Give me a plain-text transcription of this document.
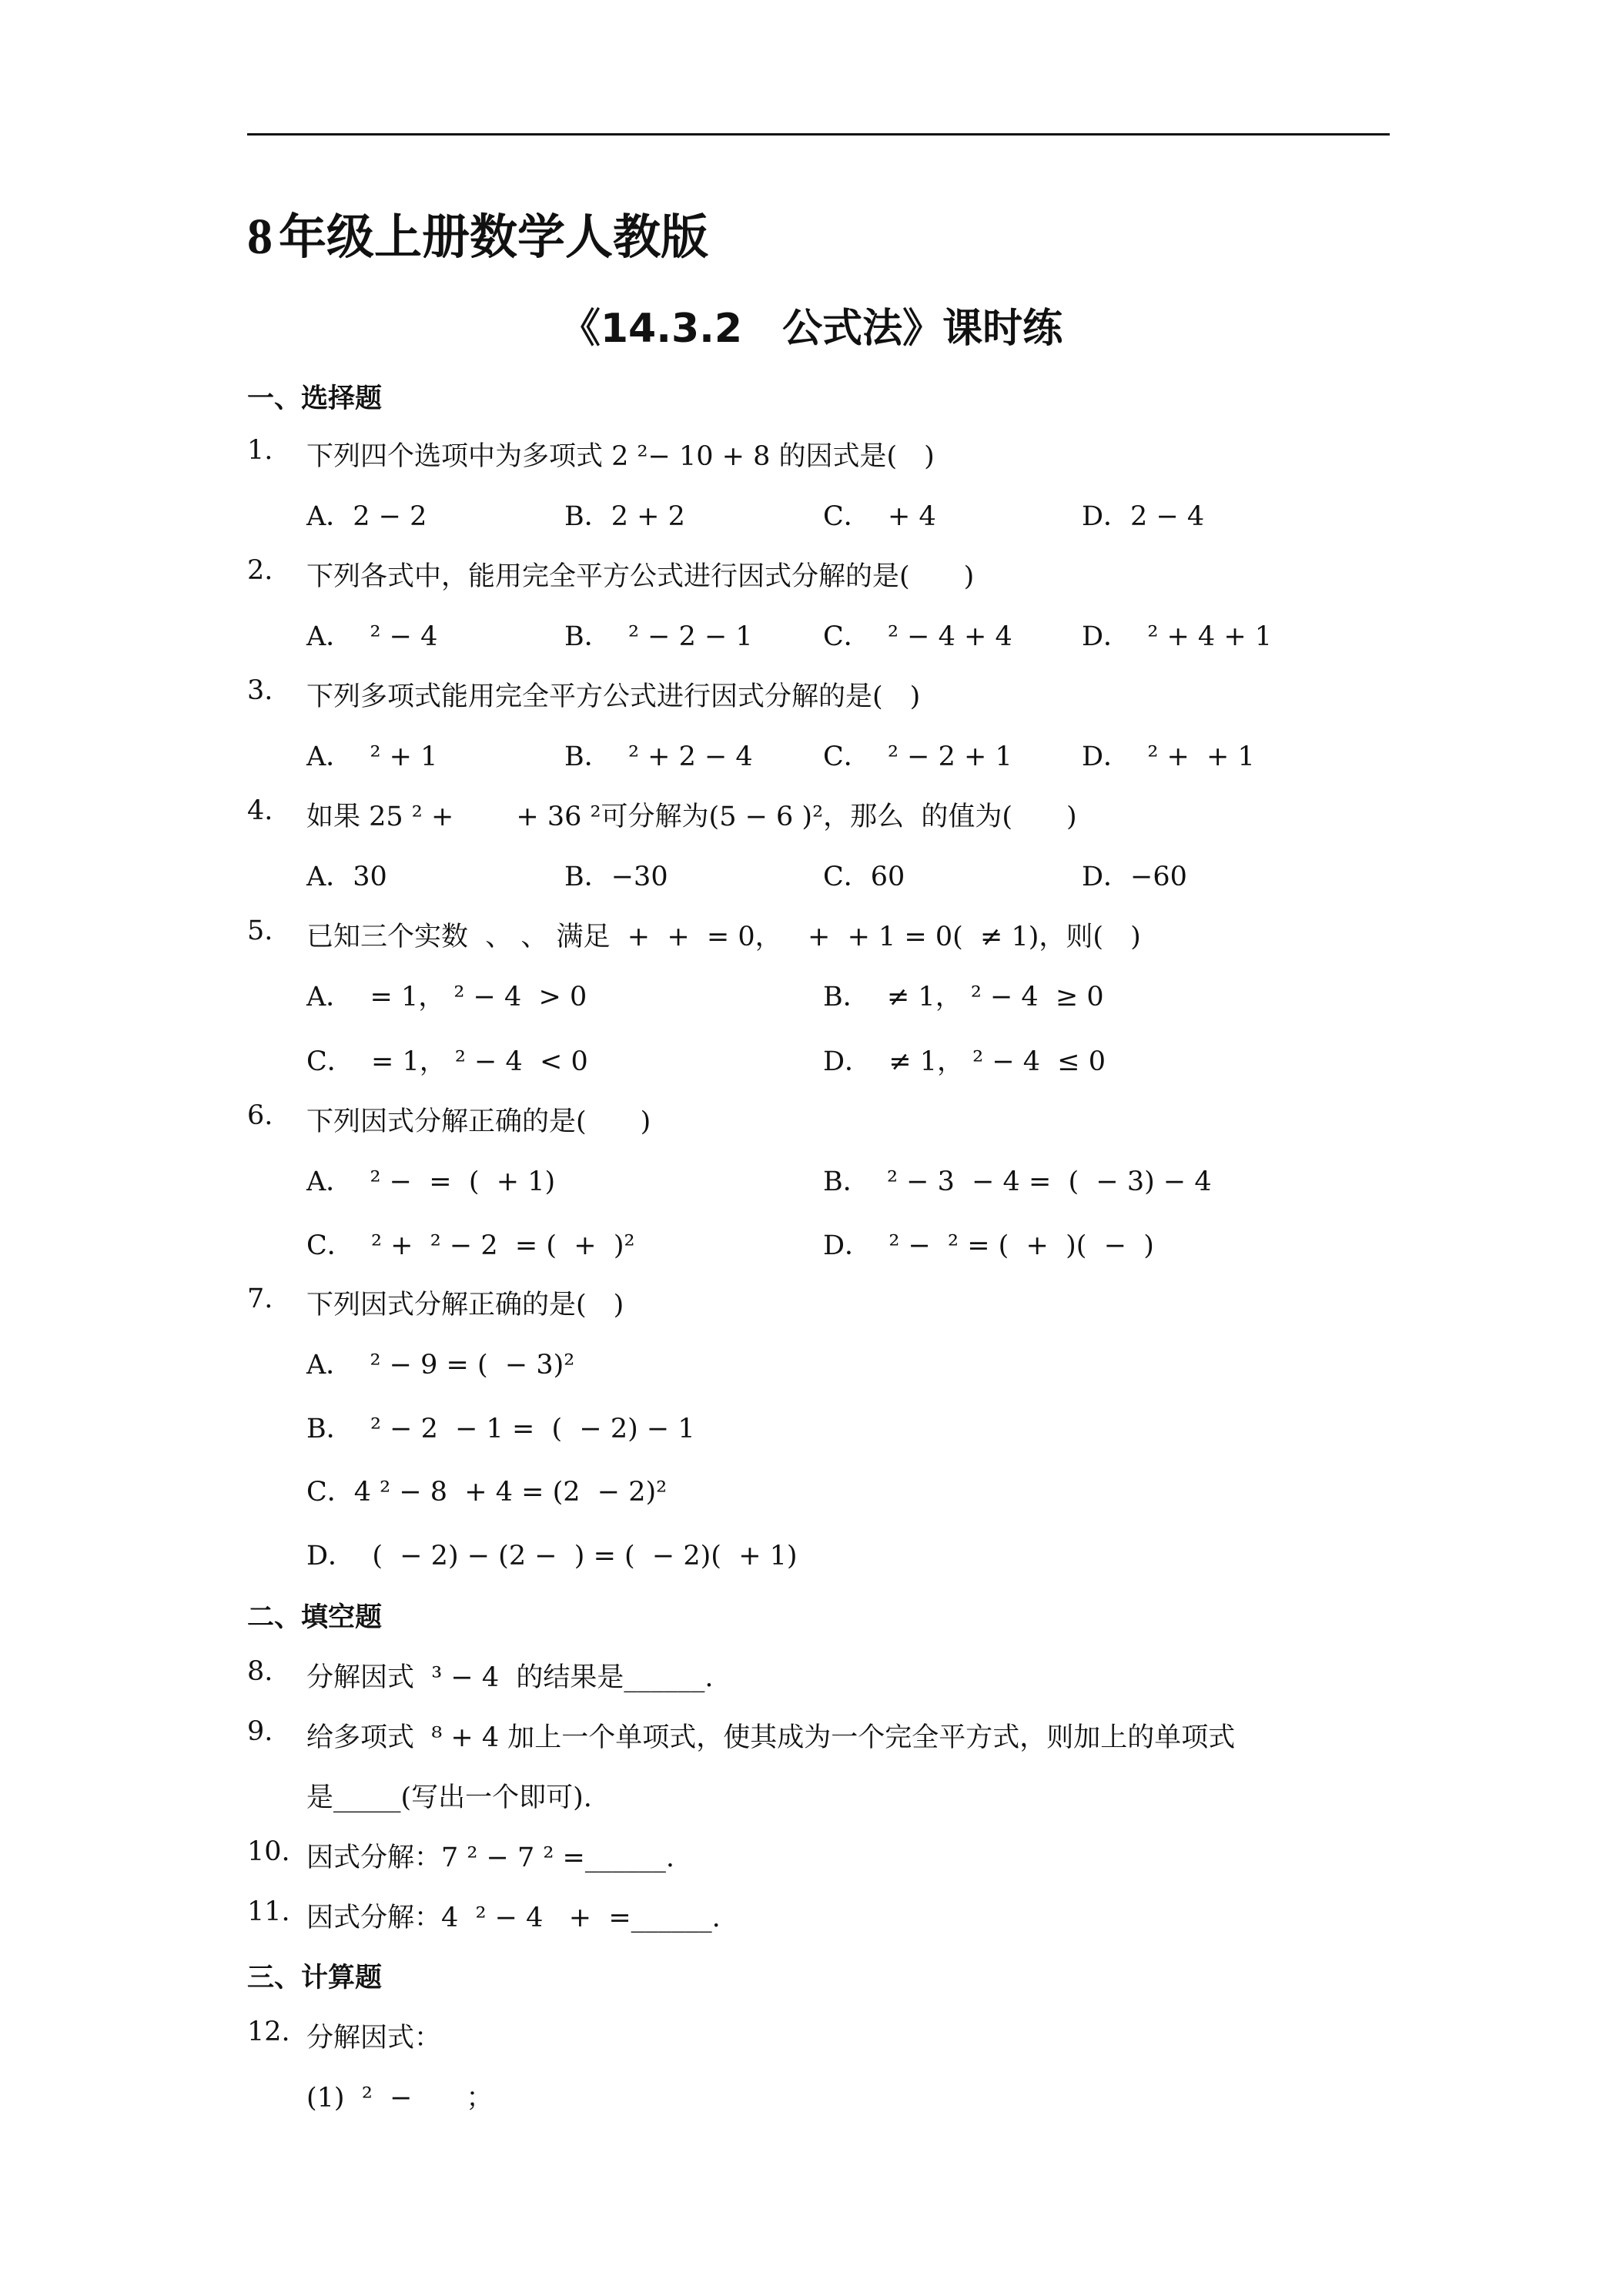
8 年级上册数学人教版
《14.3.2　公式法》课时练
一、选择题
1. 下列四个选项中为多项式 2 ²− 10 + 8 的因式是(　)
A．2 − 2	B．2 + 2	C．  + 4	D．2 − 4
2. 下列各式中，能用完全平方公式进行因式分解的是(　　)
A．  ² − 4	B．  ² − 2 − 1	C．  ² − 4 + 4	D．  ² + 4 + 1
3. 下列多项式能用完全平方公式进行因式分解的是(　)
A．  ² + 1	B．  ² + 2 − 4	C．  ² − 2 + 1	D．  ² +  + 1
4. 如果 25 ² +　　 + 36 ²可分解为(5 − 6 )²，那么  的值为(　　)
A．30	B．−30	C．60	D．−60
5. 已知三个实数  、 、 满足  +  +  = 0，   +  + 1 = 0(  ≠ 1)，则(　)
A．  = 1， ² − 4  > 0	B．  ≠ 1， ² − 4  ≥ 0
C．  = 1， ² − 4  < 0	D．  ≠ 1， ² − 4  ≤ 0
6. 下列因式分解正确的是(　　)
A．  ² −  =  (  + 1)	B．  ² − 3  − 4 =  (  − 3) − 4
C．  ² +  ² − 2  = (  +  )²	D．  ² −  ² = (  +  )(  −  )
7. 下列因式分解正确的是(　)
A．  ² − 9 = (  − 3)²
B．  ² − 2  − 1 =  (  − 2) − 1
C．4 ² − 8  + 4 = (2  − 2)²
D．  (  − 2) − (2 −  ) = (  − 2)(  + 1)
二、填空题
8. 分解因式  ³ − 4  的结果是______.
9. 给多项式  ⁸ + 4 加上一个单项式，使其成为一个完全平方式，则加上的单项式
是_____(写出一个即可).
10. 因式分解：7 ² − 7 ² =______.
11. 因式分解：4  ² − 4   +  =______.
三、计算题
12. 分解因式：
(1)  ²  −　　；
